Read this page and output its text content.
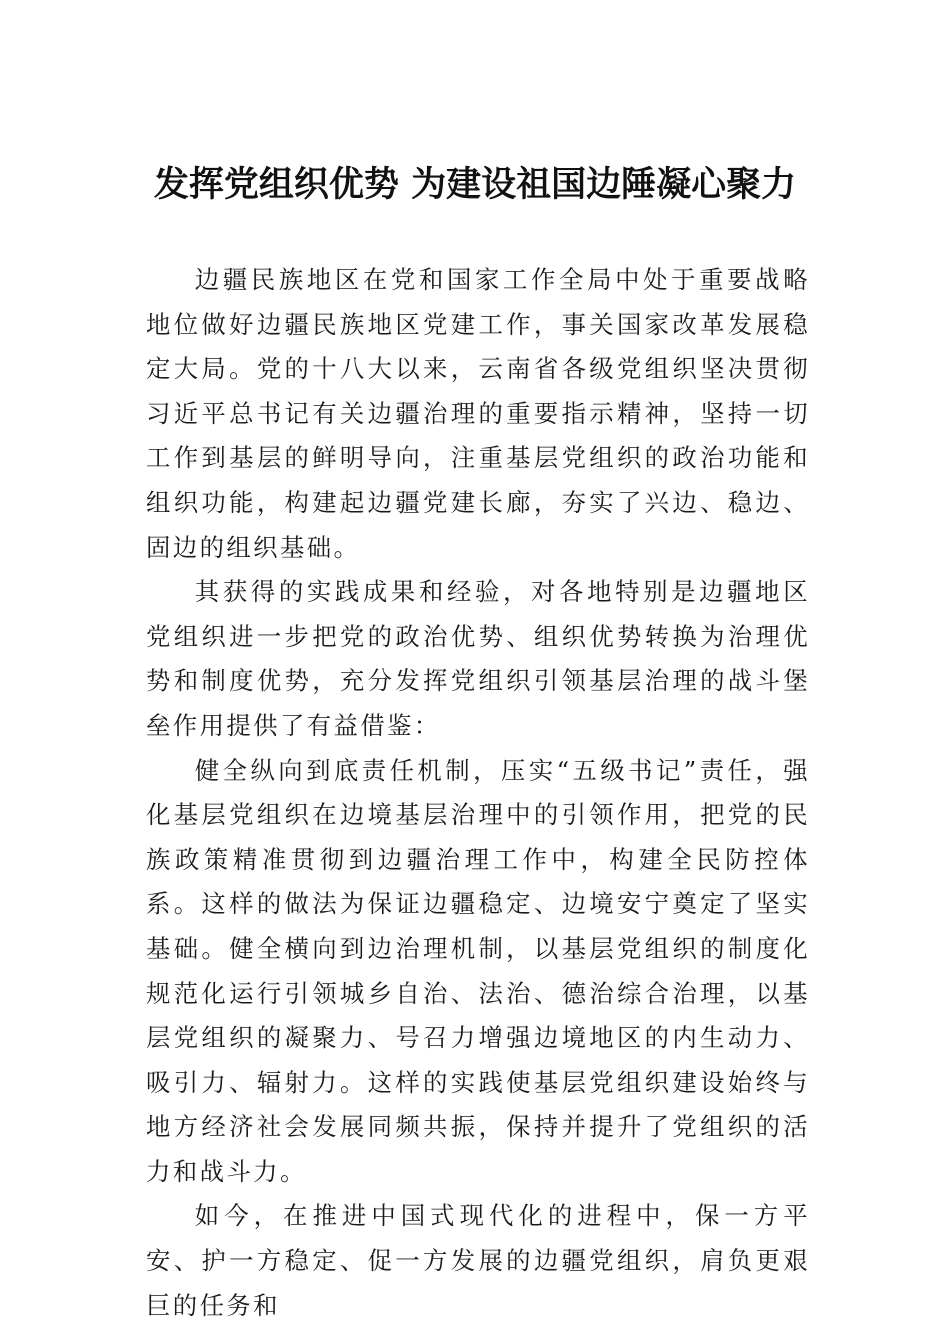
发挥党组织优势 为建设祖国边陲凝心聚力

边疆民族地区在党和国家工作全局中处于重要战略地位做好边疆民族地区党建工作，事关国家改革发展稳定大局。党的十八大以来，云南省各级党组织坚决贯彻习近平总书记有关边疆治理的重要指示精神，坚持一切工作到基层的鲜明导向，注重基层党组织的政治功能和组织功能，构建起边疆党建长廊，夯实了兴边、稳边、固边的组织基础。

其获得的实践成果和经验，对各地特别是边疆地区党组织进一步把党的政治优势、组织优势转换为治理优势和制度优势，充分发挥党组织引领基层治理的战斗堡垒作用提供了有益借鉴：

健全纵向到底责任机制，压实“五级书记”责任，强化基层党组织在边境基层治理中的引领作用，把党的民族政策精准贯彻到边疆治理工作中，构建全民防控体系。这样的做法为保证边疆稳定、边境安宁奠定了坚实基础。健全横向到边治理机制，以基层党组织的制度化规范化运行引领城乡自治、法治、德治综合治理，以基层党组织的凝聚力、号召力增强边境地区的内生动力、吸引力、辐射力。这样的实践使基层党组织建设始终与地方经济社会发展同频共振，保持并提升了党组织的活力和战斗力。

如今，在推进中国式现代化的进程中，保一方平安、护一方稳定、促一方发展的边疆党组织，肩负更艰巨的任务和
